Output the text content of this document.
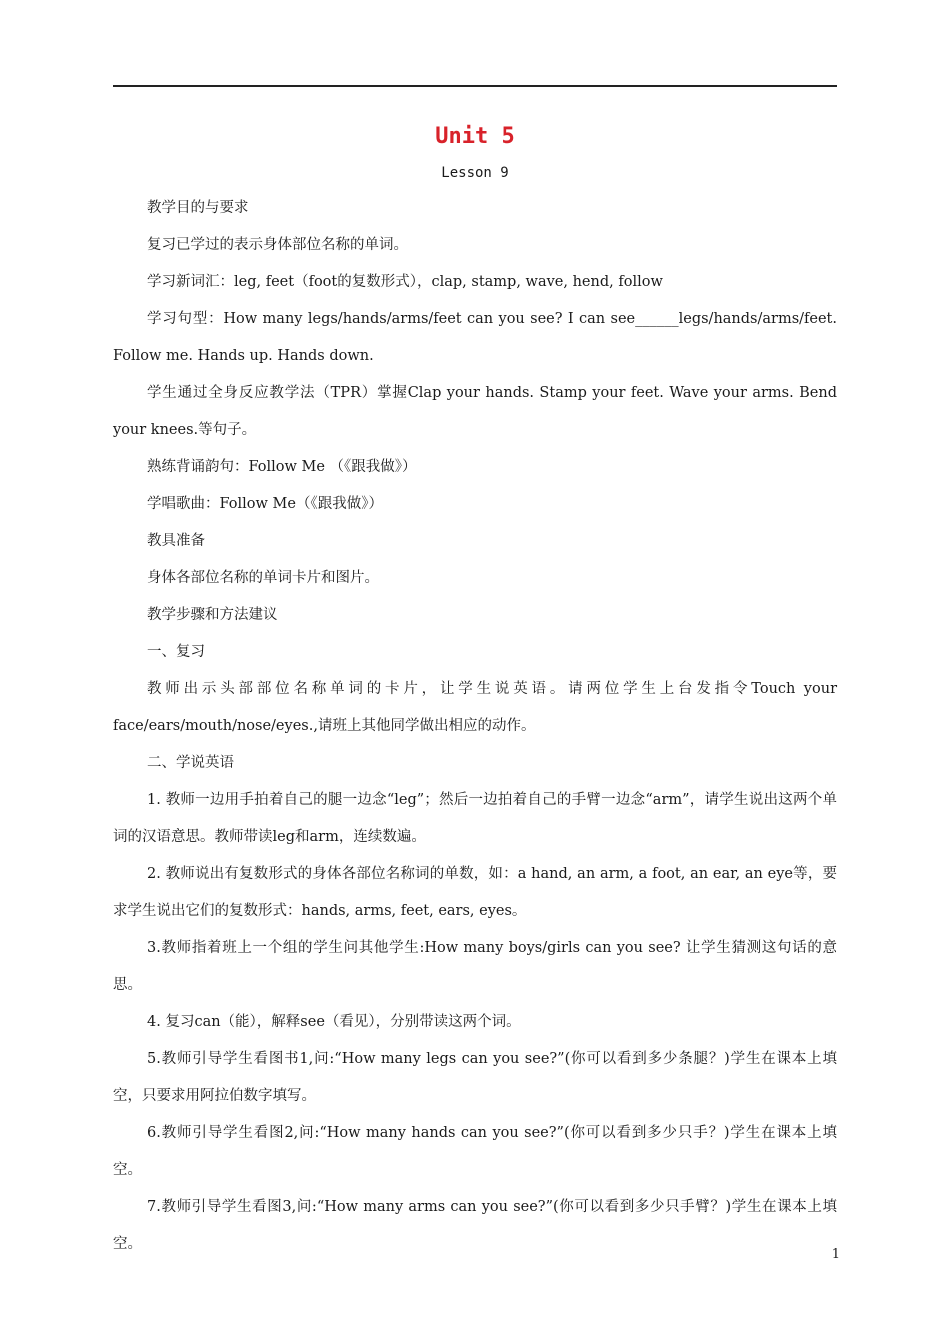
Unit 5
Lesson 9

教学目的与要求

复习已学过的表示身体部位名称的单词。

学习新词汇：leg, feet（foot的复数形式），clap, stamp, wave, hend, follow

学习句型：How many legs/hands/arms/feet can you see? I can see______legs/hands/arms/feet. Follow me. Hands up. Hands down.

学生通过全身反应教学法（TPR）掌握Clap your hands. Stamp your feet. Wave your arms. Bend your knees.等句子。

熟练背诵韵句：Follow Me （《跟我做》）

学唱歌曲：Follow Me（《跟我做》）

教具准备

身体各部位名称的单词卡片和图片。

教学步骤和方法建议

一、复习

教师出示头部部位名称单词的卡片，让学生说英语。请两位学生上台发指令Touch your face/ears/mouth/nose/eyes.,请班上其他同学做出相应的动作。

二、学说英语

1. 教师一边用手拍着自己的腿一边念“leg”；然后一边拍着自己的手臂一边念“arm”，请学生说出这两个单词的汉语意思。教师带读leg和arm，连续数遍。

2. 教师说出有复数形式的身体各部位名称词的单数，如：a hand, an arm, a foot, an ear, an eye等，要求学生说出它们的复数形式：hands, arms, feet, ears, eyes。

3.教师指着班上一个组的学生问其他学生:How many boys/girls can you see? 让学生猜测这句话的意思。

4. 复习can（能），解释see（看见），分别带读这两个词。

5.教师引导学生看图书1,问:“How many legs can you see?”(你可以看到多少条腿？)学生在课本上填空，只要求用阿拉伯数字填写。

6.教师引导学生看图2,问:“How many hands can you see?”(你可以看到多少只手？)学生在课本上填空。

7.教师引导学生看图3,问:“How many arms can you see?”(你可以看到多少只手臂？)学生在课本上填空。

1
